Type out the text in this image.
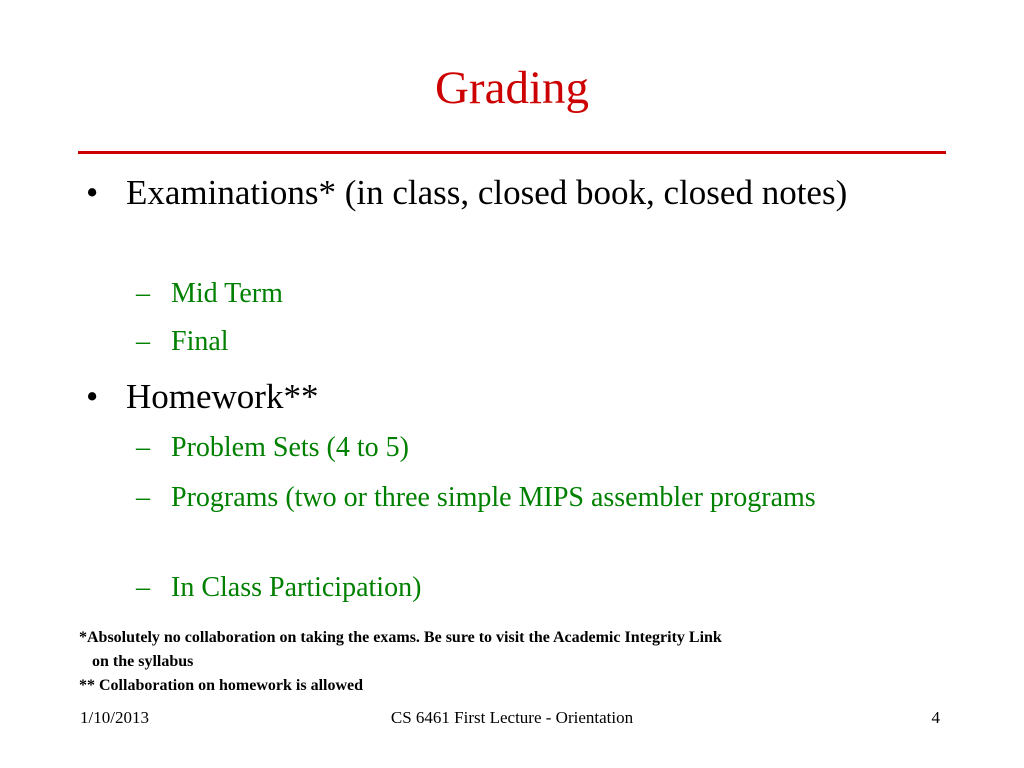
Grading
• Examinations* (in class, closed book, closed notes)
– Mid Term
– Final
• Homework**
– Problem Sets (4 to 5)
– Programs (two or three simple MIPS assembler programs
– In Class Participation)
*Absolutely no collaboration on taking the exams. Be sure to visit the Academic Integrity Link
on the syllabus
** Collaboration on homework is allowed
1/10/2013	CS 6461 First Lecture - Orientation	4
